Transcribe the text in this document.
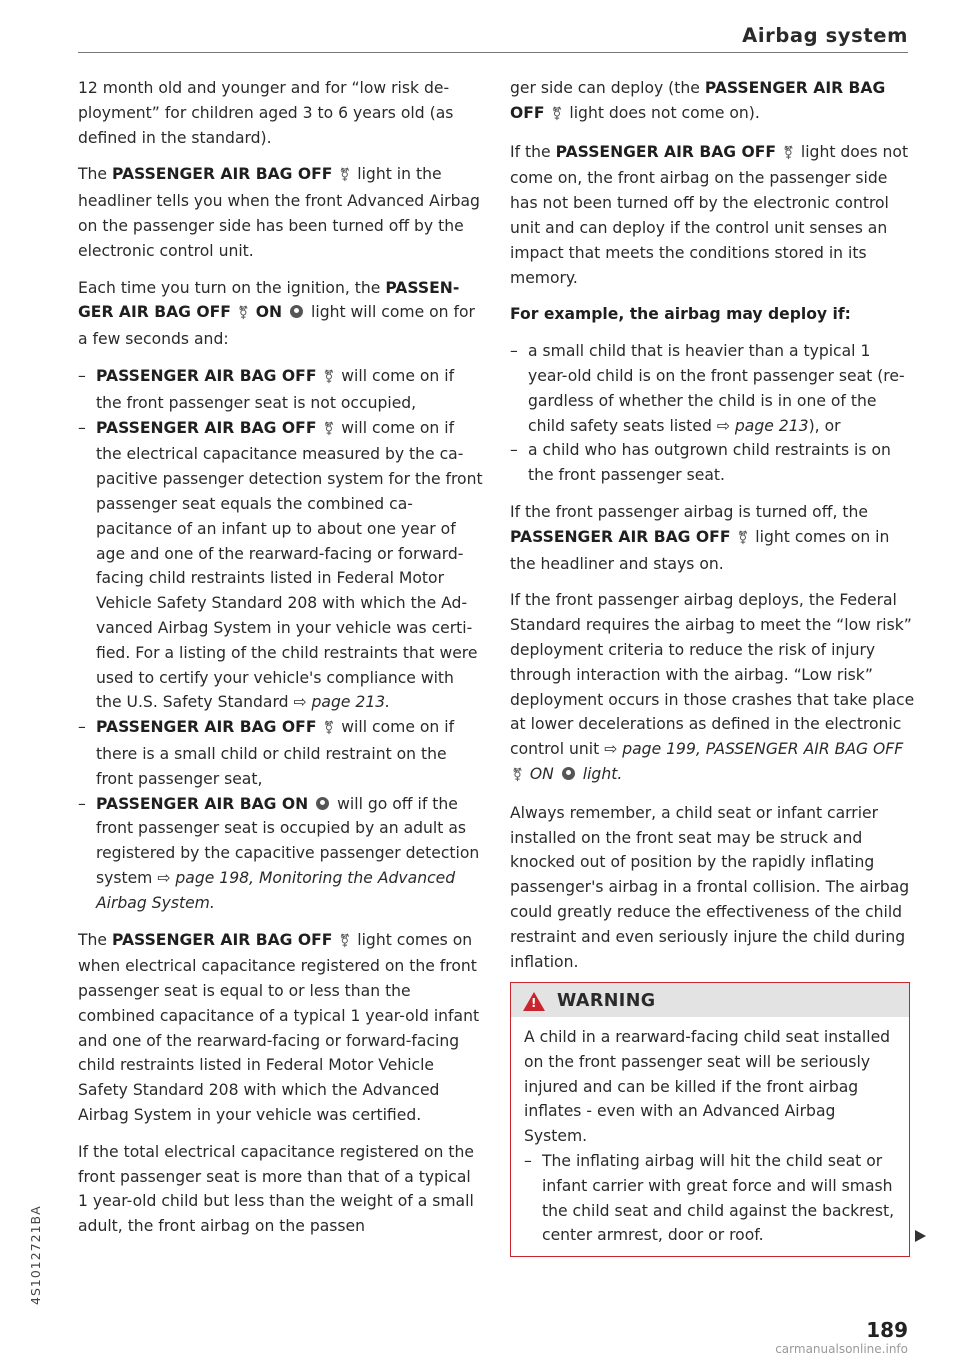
Airbag system

12 month old and younger and for “low risk deployment” for children aged 3 to 6 years old (as defined in the standard).

The PASSENGER AIR BAG OFF ⚧ light in the headliner tells you when the front Advanced Airbag on the passenger side has been turned off by the electronic control unit.

Each time you turn on the ignition, the PASSENGER AIR BAG OFF ⚧ ON  light will come on for a few seconds and:

– PASSENGER AIR BAG OFF ⚧ will come on if the front passenger seat is not occupied,
– PASSENGER AIR BAG OFF ⚧ will come on if the electrical capacitance measured by the capacitive passenger detection system for the front passenger seat equals the combined capacitance of an infant up to about one year of age and one of the rearward-facing or forward-facing child restraints listed in Federal Motor Vehicle Safety Standard 208 with which the Advanced Airbag System in your vehicle was certified. For a listing of the child restraints that were used to certify your vehicle's compliance with the U.S. Safety Standard ⇨ page 213.
– PASSENGER AIR BAG OFF ⚧ will come on if there is a small child or child restraint on the front passenger seat,
– PASSENGER AIR BAG ON  will go off if the front passenger seat is occupied by an adult as registered by the capacitive passenger detection system ⇨ page 198, Monitoring the Advanced Airbag System.

The PASSENGER AIR BAG OFF ⚧ light comes on when electrical capacitance registered on the front passenger seat is equal to or less than the combined capacitance of a typical 1 year-old infant and one of the rearward-facing or forward-facing child restraints listed in Federal Motor Vehicle Safety Standard 208 with which the Advanced Airbag System in your vehicle was certified.

If the total electrical capacitance registered on the front passenger seat is more than that of a typical 1 year-old child but less than the weight of a small adult, the front airbag on the passen

ger side can deploy (the PASSENGER AIR BAG OFF ⚧ light does not come on).

If the PASSENGER AIR BAG OFF ⚧ light does not come on, the front airbag on the passenger side has not been turned off by the electronic control unit and can deploy if the control unit senses an impact that meets the conditions stored in its memory.

For example, the airbag may deploy if:

– a small child that is heavier than a typical 1 year-old child is on the front passenger seat (regardless of whether the child is in one of the child safety seats listed ⇨ page 213), or
– a child who has outgrown child restraints is on the front passenger seat.

If the front passenger airbag is turned off, the PASSENGER AIR BAG OFF ⚧ light comes on in the headliner and stays on.

If the front passenger airbag deploys, the Federal Standard requires the airbag to meet the “low risk” deployment criteria to reduce the risk of injury through interaction with the airbag. “Low risk” deployment occurs in those crashes that take place at lower decelerations as defined in the electronic control unit ⇨ page 199, PASSENGER AIR BAG OFF ⚧ ON  light.

Always remember, a child seat or infant carrier installed on the front seat may be struck and knocked out of position by the rapidly inflating passenger's airbag in a frontal collision. The airbag could greatly reduce the effectiveness of the child restraint and even seriously injure the child during inflation.

!
WARNING

A child in a rearward-facing child seat installed on the front passenger seat will be seriously injured and can be killed if the front airbag inflates - even with an Advanced Airbag System.

– The inflating airbag will hit the child seat or infant carrier with great force and will smash the child seat and child against the backrest, center armrest, door or roof.
4S1012721BA
189
carmanualsonline.info
